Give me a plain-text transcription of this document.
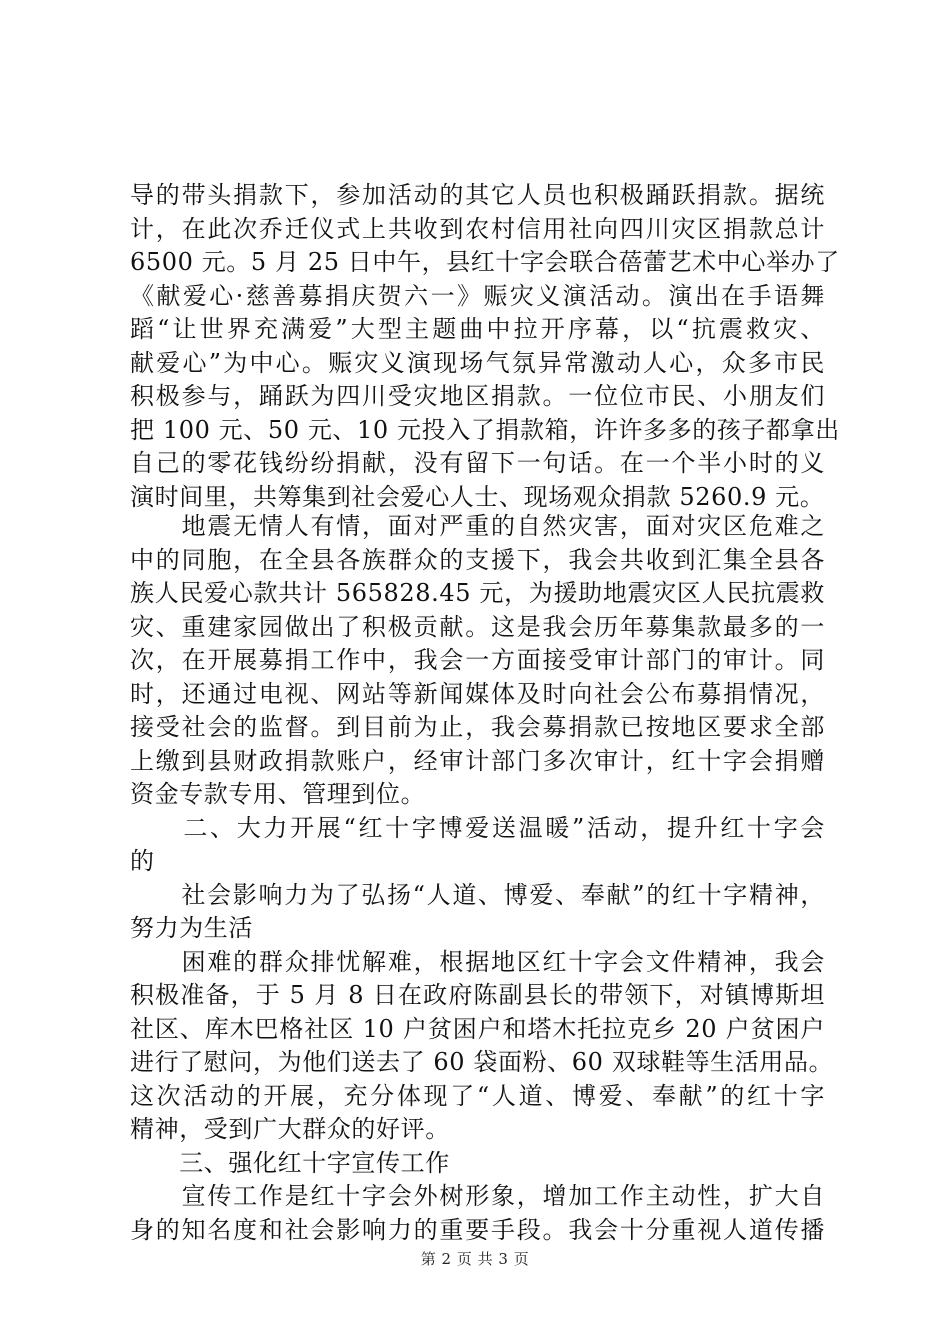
导的带头捐款下，参加活动的其它人员也积极踊跃捐款。据统
计，在此次乔迁仪式上共收到农村信用社向四川灾区捐款总计
6500 元。5 月 25 日中午，县红十字会联合蓓蕾艺术中心举办了
《献爱心·慈善募捐庆贺六一》赈灾义演活动。演出在手语舞
蹈“让世界充满爱”大型主题曲中拉开序幕，以“抗震救灾、
献爱心”为中心。赈灾义演现场气氛异常激动人心，众多市民
积极参与，踊跃为四川受灾地区捐款。一位位市民、小朋友们
把 100 元、50 元、10 元投入了捐款箱，许许多多的孩子都拿出
自己的零花钱纷纷捐献，没有留下一句话。在一个半小时的义
演时间里，共筹集到社会爱心人士、现场观众捐款 5260.9 元。
　　地震无情人有情，面对严重的自然灾害，面对灾区危难之
中的同胞，在全县各族群众的支援下，我会共收到汇集全县各
族人民爱心款共计 565828.45 元，为援助地震灾区人民抗震救
灾、重建家园做出了积极贡献。这是我会历年募集款最多的一
次，在开展募捐工作中，我会一方面接受审计部门的审计。同
时，还通过电视、网站等新闻媒体及时向社会公布募捐情况，
接受社会的监督。到目前为止，我会募捐款已按地区要求全部
上缴到县财政捐款账户，经审计部门多次审计，红十字会捐赠
资金专款专用、管理到位。
　　二、大力开展“红十字博爱送温暖”活动，提升红十字会
的
　　社会影响力为了弘扬“人道、博爱、奉献”的红十字精神，
努力为生活
　　困难的群众排忧解难，根据地区红十字会文件精神，我会
积极准备，于 5 月 8 日在政府陈副县长的带领下，对镇博斯坦
社区、库木巴格社区 10 户贫困户和塔木托拉克乡 20 户贫困户
进行了慰问，为他们送去了 60 袋面粉、60 双球鞋等生活用品。
这次活动的开展，充分体现了“人道、博爱、奉献”的红十字
精神，受到广大群众的好评。
　　三、强化红十字宣传工作
　　宣传工作是红十字会外树形象，增加工作主动性，扩大自
身的知名度和社会影响力的重要手段。我会十分重视人道传播
第 2 页 共 3 页
